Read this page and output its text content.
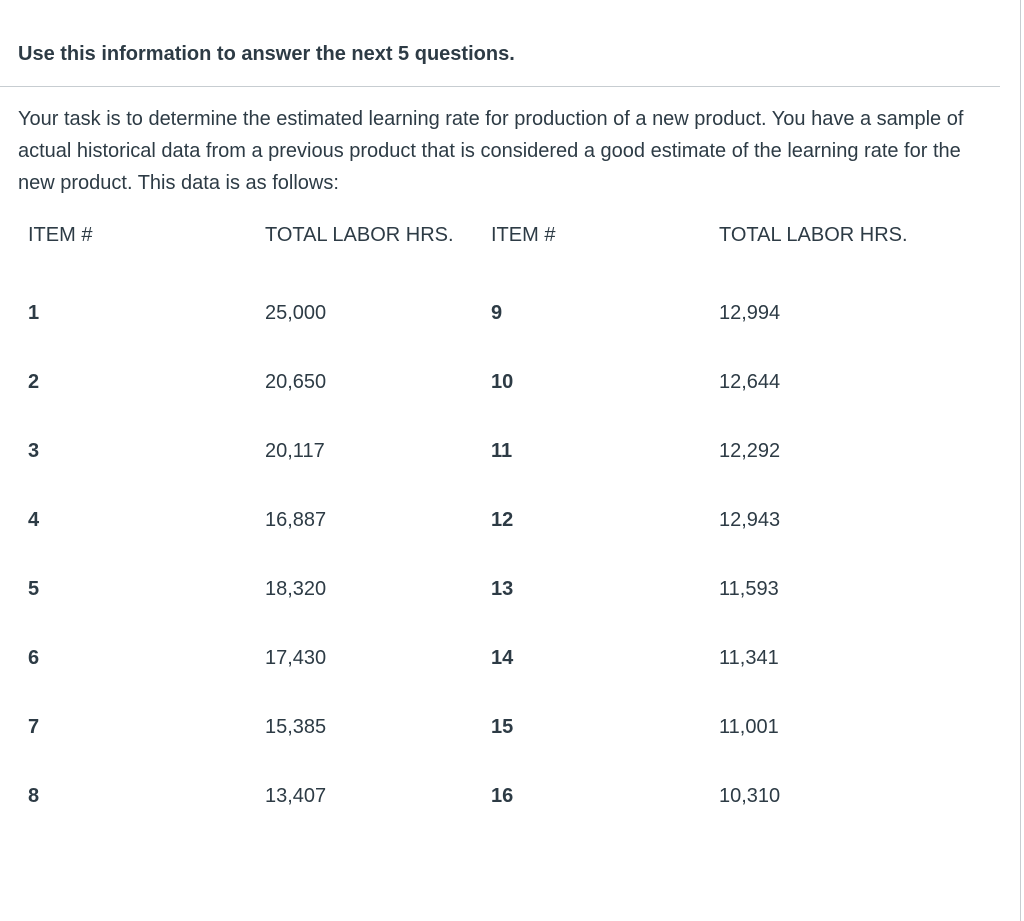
Use this information to answer the next 5 questions.

Your task is to determine the estimated learning rate for production of a new product. You have a sample of actual historical data from a previous product that is considered a good estimate of the learning rate for the new product. This data is as follows:

ITEM #	TOTAL LABOR HRS.	ITEM #	TOTAL LABOR HRS.

1	25,000	9	12,994
2	20,650	10	12,644
3	20,117	11	12,292
4	16,887	12	12,943
5	18,320	13	11,593
6	17,430	14	11,341
7	15,385	15	11,001
8	13,407	16	10,310
